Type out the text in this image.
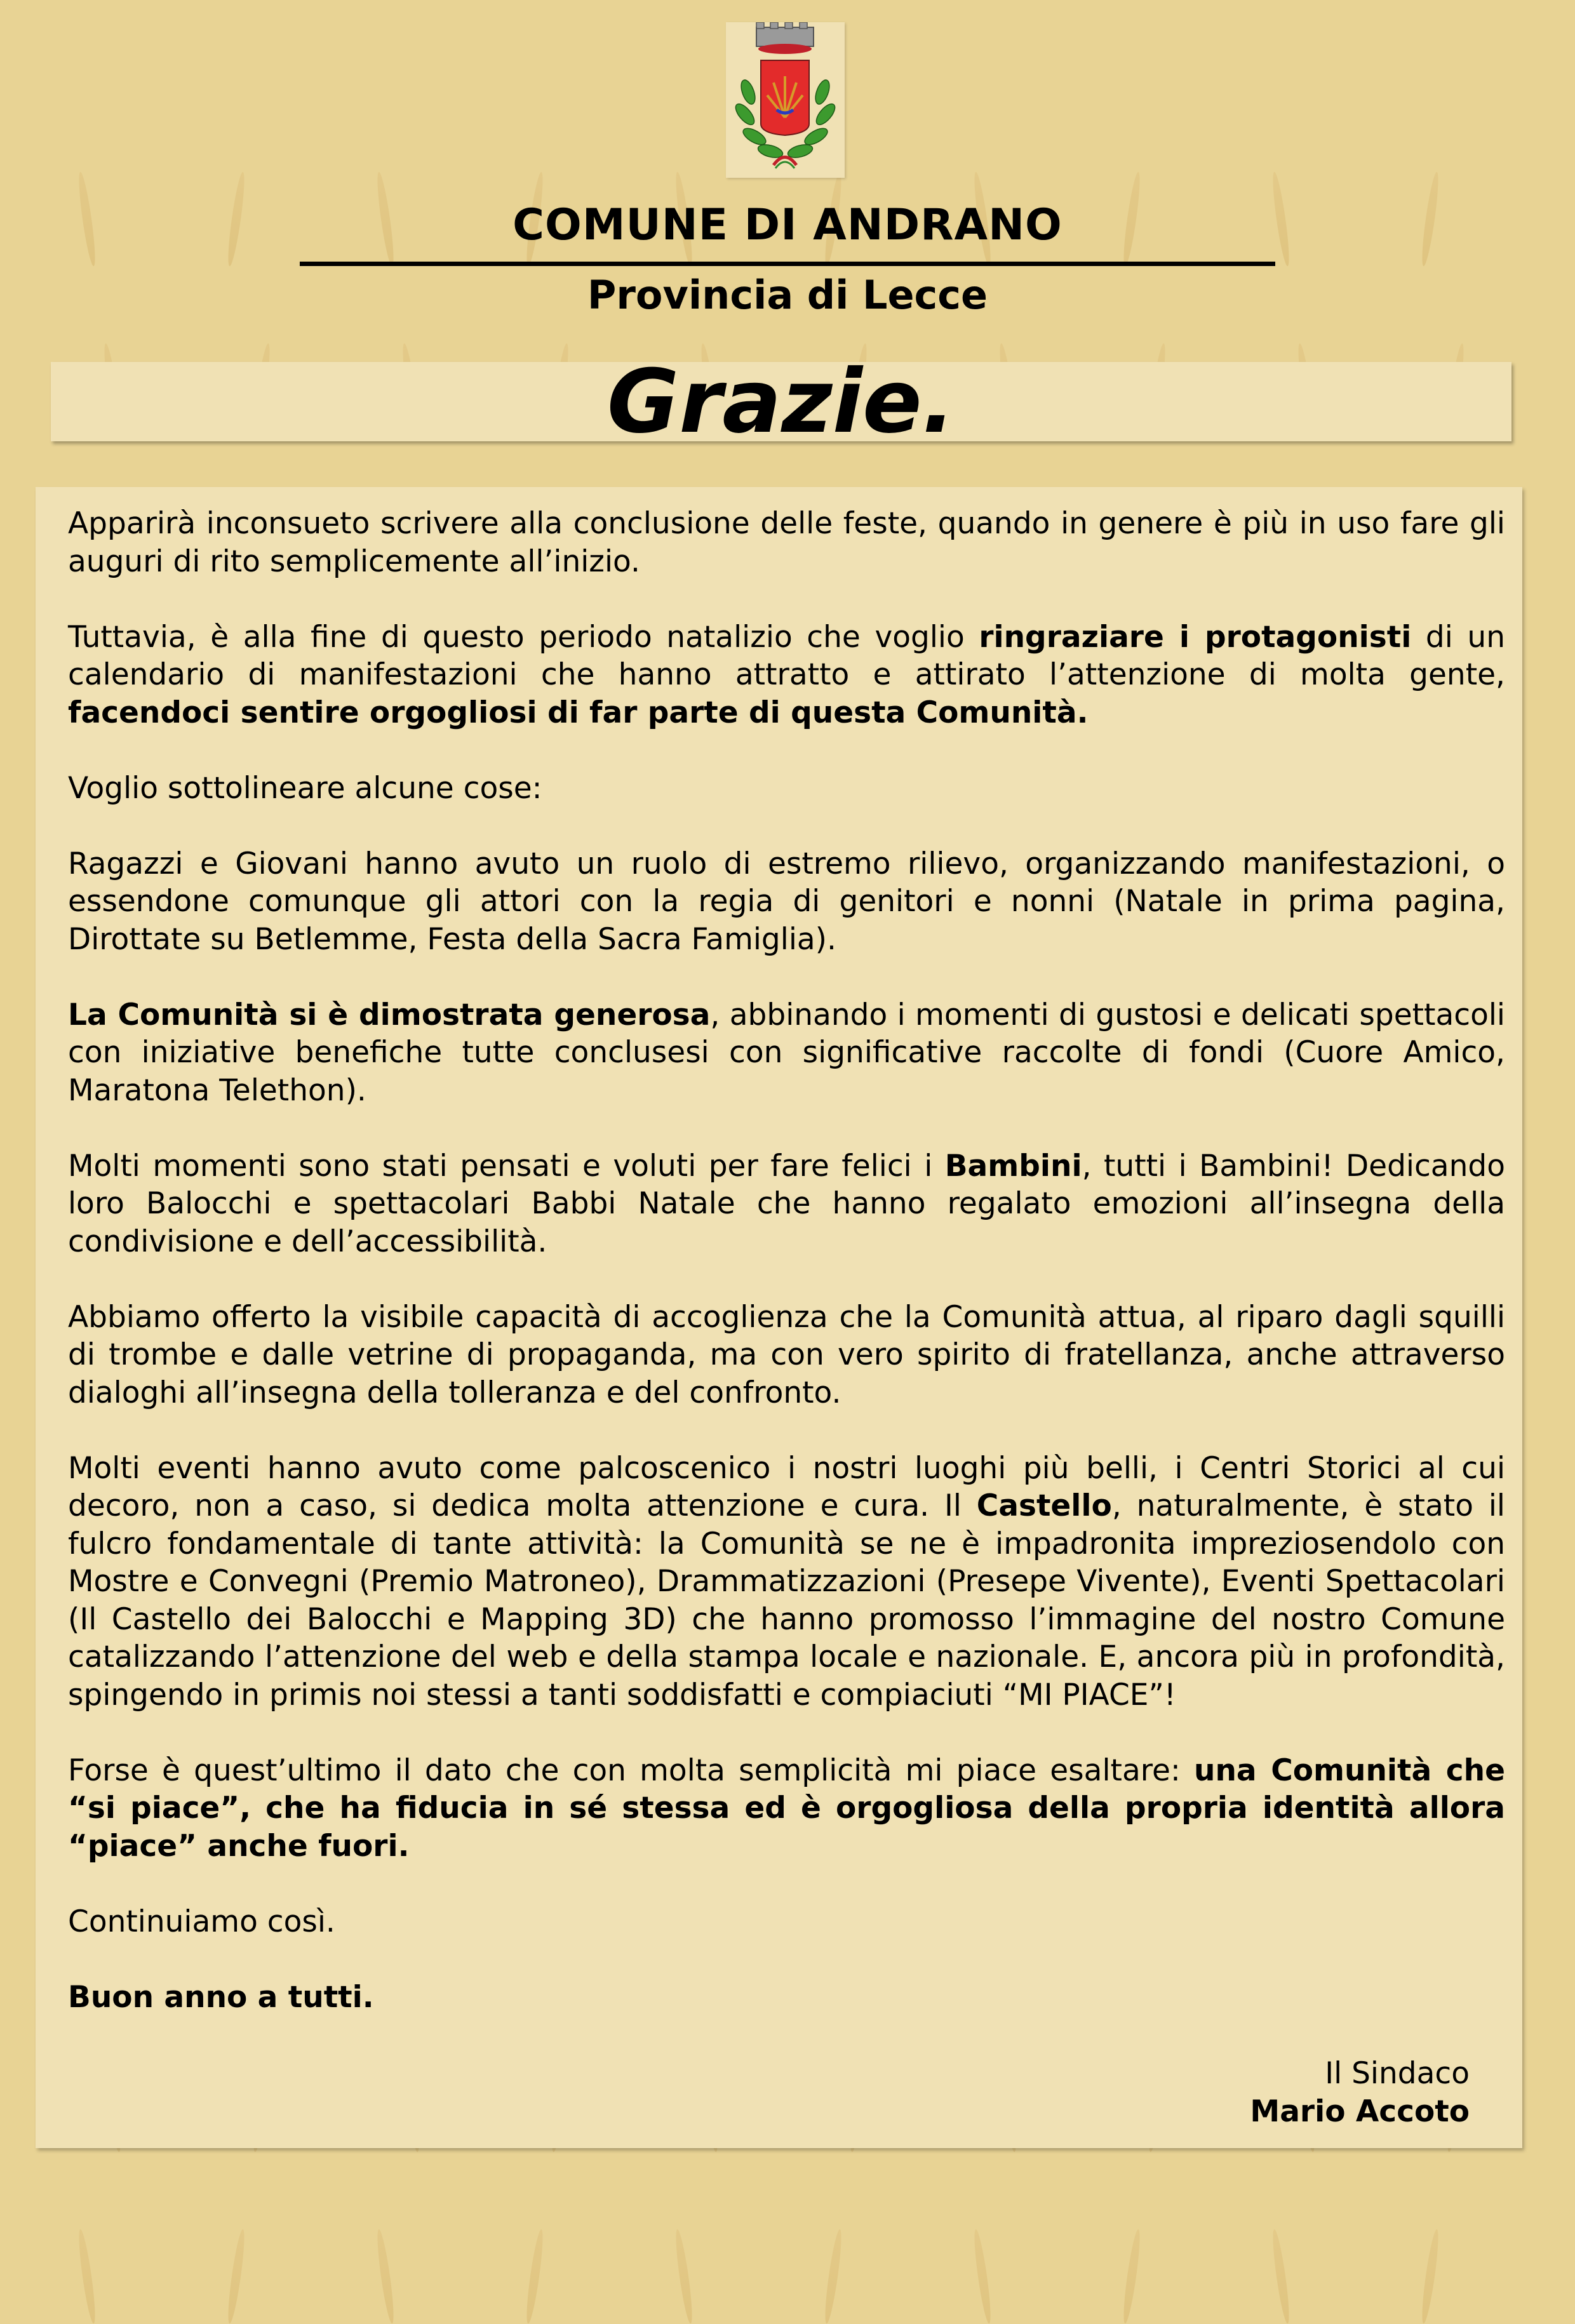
COMUNE DI ANDRANO
Provincia di Lecce
Grazie.

Apparirà inconsueto scrivere alla conclusione delle feste, quando in genere è più in uso fare gli auguri di rito semplicemente all’inizio.

Tuttavia, è alla fine di questo periodo natalizio che voglio ringraziare i protagonisti di un calendario di manifestazioni che hanno attratto e attirato l’attenzione di molta gente, facendoci sentire orgogliosi di far parte di questa Comunità.

Voglio sottolineare alcune cose:

Ragazzi e Giovani hanno avuto un ruolo di estremo rilievo, organizzando manifestazioni, o essendone comunque gli attori con la regia di genitori e nonni (Natale in prima pagina, Dirottate su Betlemme, Festa della Sacra Famiglia).

La Comunità si è dimostrata generosa, abbinando i momenti di gustosi e delicati spettacoli con iniziative benefiche tutte conclusesi con significative raccolte di fondi (Cuore Amico, Maratona Telethon).

Molti momenti sono stati pensati e voluti per fare felici i Bambini, tutti i Bambini! Dedicando loro Balocchi e spettacolari Babbi Natale che hanno regalato emozioni all’insegna della condivisione e dell’accessibilità.

Abbiamo offerto la visibile capacità di accoglienza che la Comunità attua, al riparo dagli squilli di trombe e dalle vetrine di propaganda, ma con vero spirito di fratellanza, anche attraverso dialoghi all’insegna della tolleranza e del confronto.

Molti eventi hanno avuto come palcoscenico i nostri luoghi più belli, i Centri Storici al cui decoro, non a caso, si dedica molta attenzione e cura. Il Castello, naturalmente, è stato il fulcro fondamentale di tante attività: la Comunità se ne è impadronita impreziosendolo con Mostre e Convegni (Premio Matroneo), Drammatizzazioni (Presepe Vivente), Eventi Spettacolari (Il Castello dei Balocchi e Mapping 3D) che hanno promosso l’immagine del nostro Comune catalizzando l’attenzione del web e della stampa locale e nazionale. E, ancora più in profondità, spingendo in primis noi stessi a tanti soddisfatti e compiaciuti “MI PIACE”!

Forse è quest’ultimo il dato che con molta semplicità mi piace esaltare: una Comunità che “si piace”, che ha fiducia in sé stessa ed è orgogliosa della propria identità allora “piace” anche fuori.

Continuiamo così.

Buon anno a tutti.

Il Sindaco
Mario Accoto
